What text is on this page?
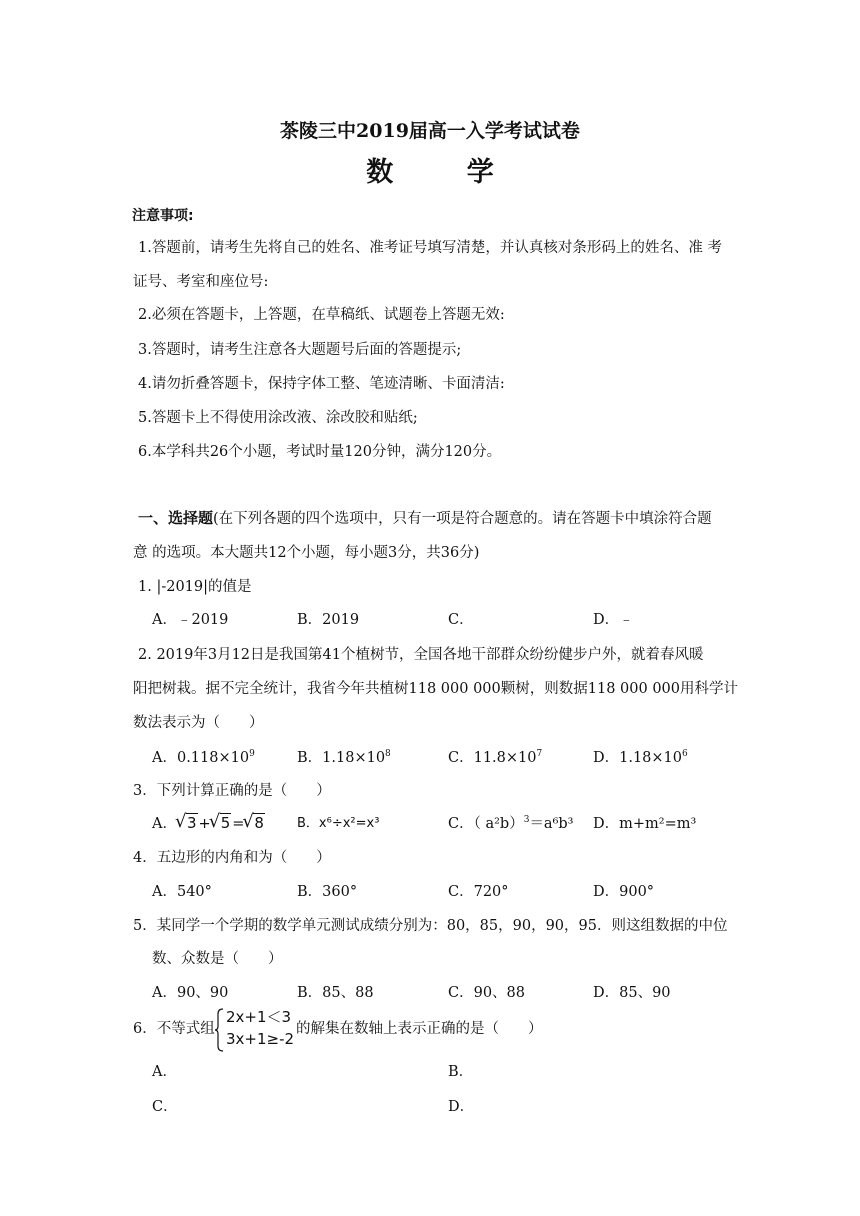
茶陵三中2019届高一入学考试试卷
数 学
注意事项:
1.答题前，请考生先将自己的姓名、准考证号填写清楚，并认真核对条形码上的姓名、准 考
证号、考室和座位号:
2.必须在答题卡，上答题，在草稿纸、试题卷上答题无效:
3.答题时，请考生注意各大题题号后面的答题提示;
4.请勿折叠答题卡，保持字体工整、笔迹清晰、卡面清洁:
5.答题卡上不得使用涂改液、涂改胶和贴纸;
6.本学科共26个小题，考试时量120分钟，满分120分。
一、选择题(在下列各题的四个选项中，只有一项是符合题意的。请在答题卡中填涂符合题
意 的选项。本大题共12个小题，每小题3分，共36分)
1. |-2019|的值是
A．﹣2019	B．2019	C．	D．﹣
2. 2019年3月12日是我国第41个植树节，全国各地干部群众纷纷健步户外，就着春风暖
阳把树栽。据不完全统计，我省今年共植树118 000 000颗树，则数据118 000 000用科学计
数法表示为（　　）
A．$0.118\times 10^9$	B．$1.18\times 10^8$	C．$11.8\times 10^7$	D．$1.18\times 10^6$
3．下列计算正确的是（　　）
A． √ 3 + √ 5 = √ 8	B．x⁶÷x²=x³	C．（ a²b）$^3$＝a⁶b³ D．m+m²=m³
4．五边形的内角和为（　　）
A．540°	B．360°	C．720°	D．900°
5．某同学一个学期的数学单元测试成绩分别为：80，85，90，90，95．则这组数据的中位
数、众数是（　　）
A．90、90	B．85、88	C．90、88	D．85、90
6．不等式组
2x+1＜3
3x+1≥-2
的解集在数轴上表示正确的是（　　）
A．	B．
C．	D．
